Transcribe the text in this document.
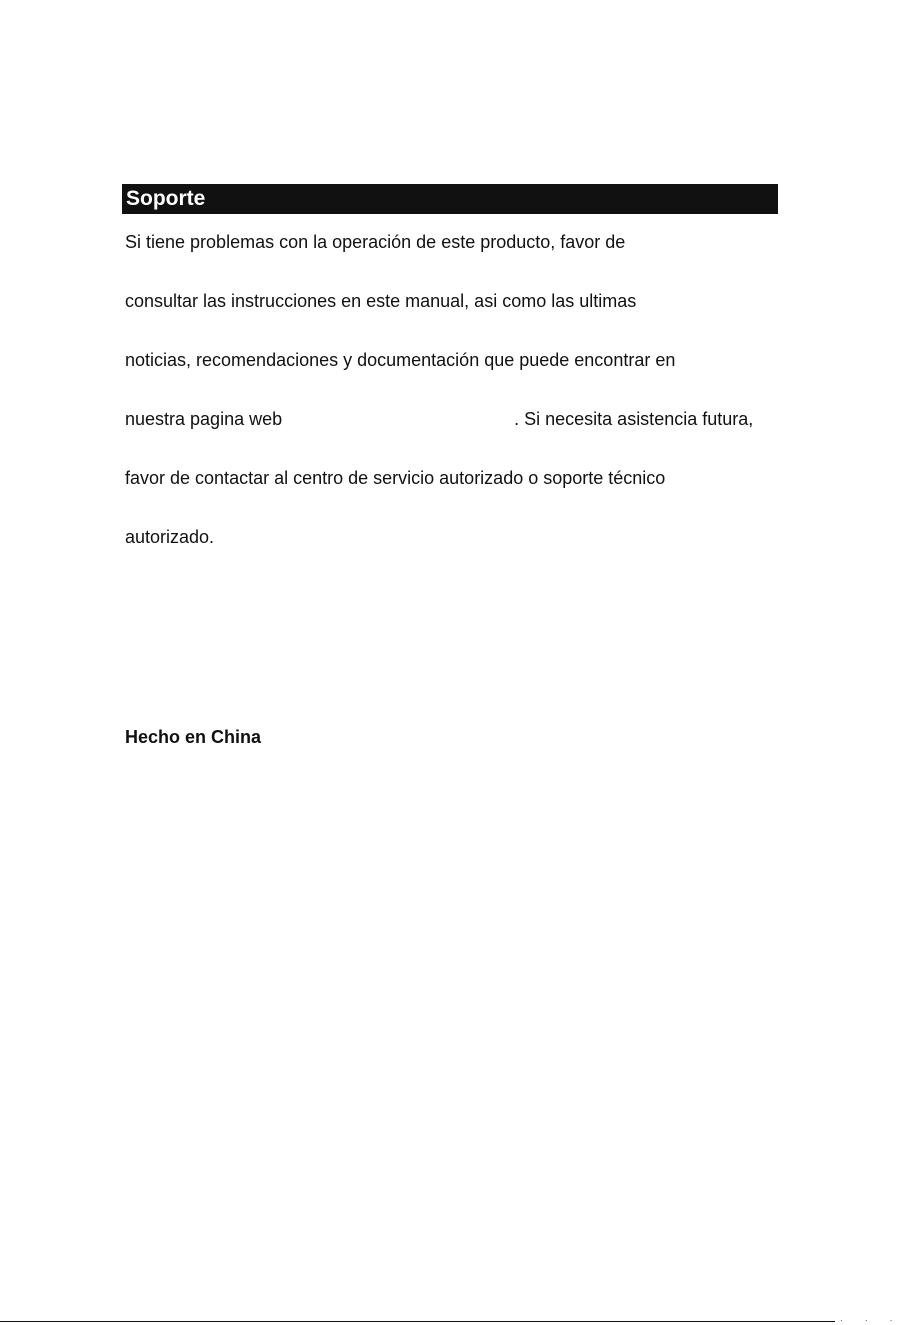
Soporte
Si tiene problemas con la operación de este producto, favor de
consultar las instrucciones en este manual, asi como las ultimas
noticias, recomendaciones y documentación que puede encontrar en
nuestra pagina web	. Si necesita asistencia futura,
favor de contactar al centro de servicio autorizado o soporte técnico
autorizado.
Hecho en China
· · ·
